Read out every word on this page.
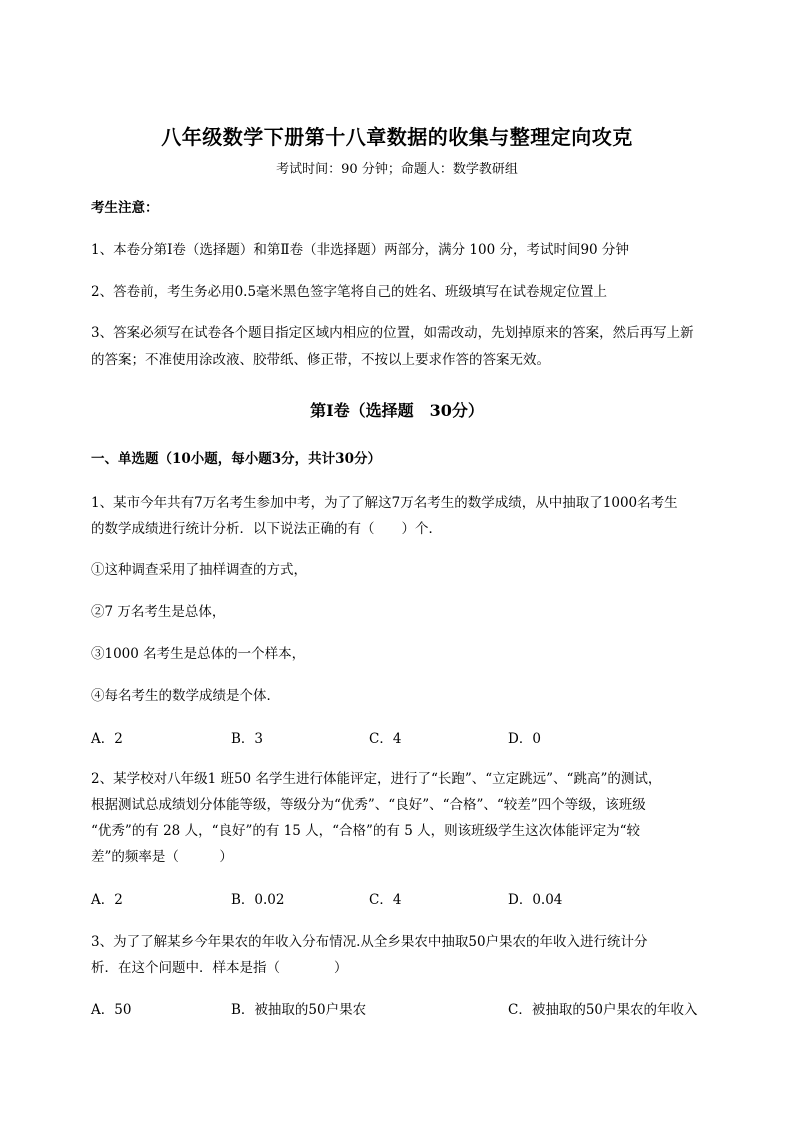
八年级数学下册第十八章数据的收集与整理定向攻克
考试时间：90 分钟；命题人：数学教研组
考生注意：
1、本卷分第Ⅰ卷（选择题）和第Ⅱ卷（非选择题）两部分，满分 100 分，考试时间90 分钟
2、答卷前，考生务必用0.5毫米黑色签字笔将自己的姓名、班级填写在试卷规定位置上
3、答案必须写在试卷各个题目指定区域内相应的位置，如需改动，先划掉原来的答案，然后再写上新
的答案；不准使用涂改液、胶带纸、修正带，不按以上要求作答的答案无效。
第Ⅰ卷（选择题　30分）
一、单选题（10小题，每小题3分，共计30分）
1、某市今年共有7万名考生参加中考，为了了解这7万名考生的数学成绩，从中抽取了1000名考生
的数学成绩进行统计分析．以下说法正确的有（　　）个．
①这种调查采用了抽样调查的方式，
②7 万名考生是总体，
③1000 名考生是总体的一个样本，
④每名考生的数学成绩是个体．
A．2	B．3	C．4	D．0
2、某学校对八年级1 班50 名学生进行体能评定，进行了“长跑”、“立定跳远”、“跳高”的测试，
根据测试总成绩划分体能等级，等级分为“优秀”、“良好”、“合格”、“较差”四个等级，该班级
“优秀”的有 28 人，“良好”的有 15 人，“合格”的有 5 人，则该班级学生这次体能评定为“较
差”的频率是（　　　）
A．2	B．0.02	C．4	D．0.04
3、为了了解某乡今年果农的年收入分布情况.从全乡果农中抽取50户果农的年收入进行统计分
析．在这个问题中．样本是指（　　　　）
A．50	B．被抽取的50户果农	C．被抽取的50户果农的年收入
